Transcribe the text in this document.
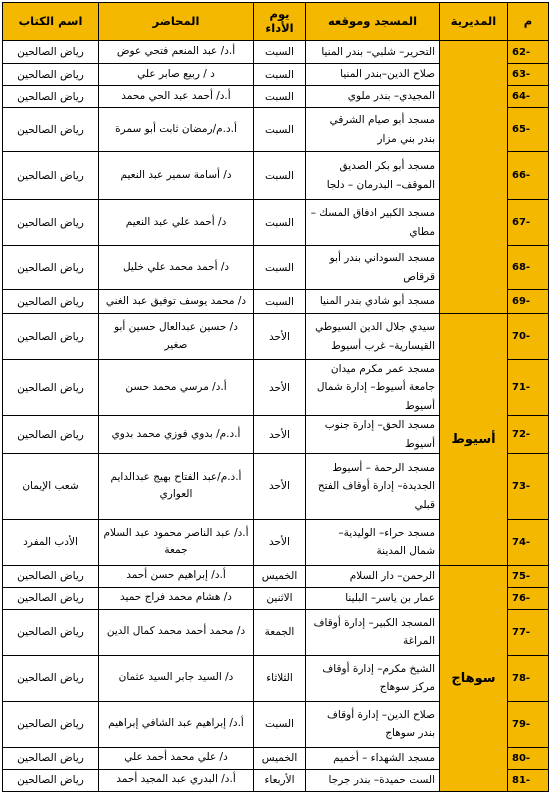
م	المديرية	المسجد وموقعه	يوم الأداء	المحاضر	اسم الكتاب
62-		التحرير– شلبي– بندر المنيا	السبت	أ.د/ عبد المنعم فتحي عوض	رياض الصالحين
63-		صلاح الدين–بندر المنيا	السبت	د / ربيع صابر علي	رياض الصالحين
64-		المجيدي– بندر ملوي	السبت	أ.د/ أحمد عبد الحي محمد	رياض الصالحين
65-		مسجد أبو صيام الشرقي بندر بني مزار	السبت	أ.د.م/رمضان ثابت أبو سمرة	رياض الصالحين
66-		مسجد أبو بكر الصديق الموقف– البدرمان – دلجا	السبت	د/ أسامة سمير عبد النعيم	رياض الصالحين
67-		مسجد الكبير ادفاق المسك – مطاي	السبت	د/ أحمد علي عبد النعيم	رياض الصالحين
68-		مسجد السوداني بندر أبو قرقاص	السبت	د/ أحمد محمد علي خليل	رياض الصالحين
69-		مسجد أبو شادي بندر المنيا	السبت	د/ محمد يوسف توفيق عبد الغني	رياض الصالحين
70-	أسيوط	سيدي جلال الدين السيوطي القيسارية– غرب أسيوط	الأحد	د/ حسين عبدالعال حسين أبو صغير	رياض الصالحين
71-		مسجد عمر مكرم ميدان جامعة أسيوط– إدارة شمال أسيوط	الأحد	أ.د/ مرسي محمد حسن	رياض الصالحين
72-		مسجد الحق– إدارة جنوب أسيوط	الأحد	أ.د.م/ بدوي فوزي محمد بدوي	رياض الصالحين
73-		مسجد الرحمة – أسيوط الجديدة– إدارة أوقاف الفتح قبلي	الأحد	أ.د.م/عبد الفتاح بهيج عبدالدايم العواري	شعب الإيمان
74-		مسجد حراء– الوليدية– شمال المدينة	الأحد	أ.د/ عبد الناصر محمود عبد السلام جمعة	الأدب المفرد
75-	سوهاج	الرحمن– دار السلام	الخميس	أ.د/ إبراهيم حسن أحمد	رياض الصالحين
76-		عمار بن ياسر– البلينا	الاثنين	د/ هشام محمد فراج حميد	رياض الصالحين
77-		المسجد الكبير– إدارة أوقاف المراغة	الجمعة	د/ محمد أحمد محمد كمال الدين	رياض الصالحين
78-		الشيخ مكرم– إدارة أوقاف مركز سوهاج	الثلاثاء	د/ السيد جابر السيد عثمان	رياض الصالحين
79-		صلاح الدين– إدارة أوقاف بندر سوهاج	السبت	أ.د/ إبراهيم عبد الشافي إبراهيم	رياض الصالحين
80-		مسجد الشهداء – أخميم	الخميس	د/ علي محمد أحمد علي	رياض الصالحين
81-		الست حميدة– بندر جرجا	الأربعاء	أ.د/ البدري عبد المجيد أحمد	رياض الصالحين
